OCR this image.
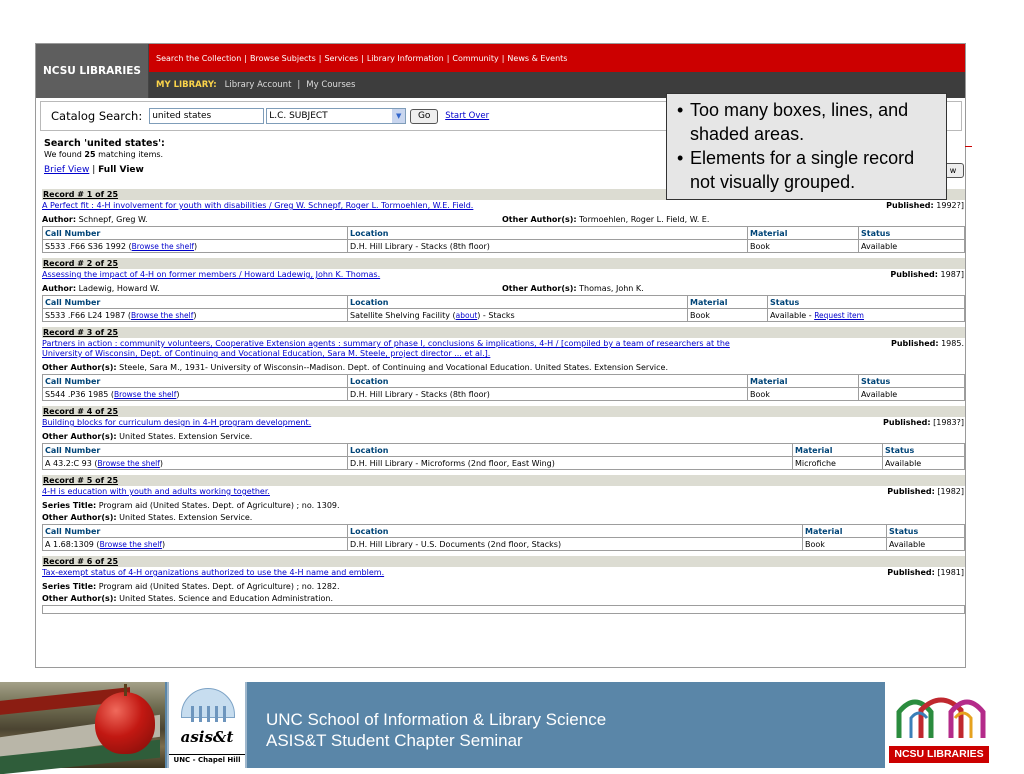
NCSU LIBRARIES
Search the Collection | Browse Subjects | Services | Library Information | Community | News & Events
MY LIBRARY: Library Account | My Courses
Catalog Search:
united states	L.C. SUBJECT	▼	Go	Start Over
Search 'united states':
We found 25 matching items.
Brief View | Full View	w
Record # 1 of 25
A Perfect fit : 4-H involvement for youth with disabilities / Greg W. Schnepf, Roger L. Tormoehlen, W.E. Field.	Published: 1992?]
Author: Schnepf, Greg W.	Other Author(s): Tormoehlen, Roger L. Field, W. E.
Call Number	Location	Material	Status
S533 .F66 S36 1992 (Browse the shelf)	D.H. Hill Library - Stacks (8th floor)	Book	Available
Record # 2 of 25
Assessing the impact of 4-H on former members / Howard Ladewig, John K. Thomas.	Published: 1987]
Author: Ladewig, Howard W.	Other Author(s): Thomas, John K.
Call Number	Location	Material	Status
S533 .F66 L24 1987 (Browse the shelf)	Satellite Shelving Facility (about) - Stacks	Book	Available - Request item
Record # 3 of 25
Partners in action : community volunteers, Cooperative Extension agents : summary of phase I, conclusions & implications, 4-H / [compiled by a team of researchers at the University of Wisconsin, Dept. of Continuing and Vocational Education, Sara M. Steele, project director ... et al.].
Published: 1985.
Other Author(s):
Steele, Sara M., 1931- University of Wisconsin--Madison. Dept. of Continuing and Vocational Education. United States. Extension Service.
Call Number	Location	Material	Status
S544 .P36 1985 (Browse the shelf)	D.H. Hill Library - Stacks (8th floor)	Book	Available
Record # 4 of 25
Building blocks for curriculum design in 4-H program development.	Published: [1983?]
Other Author(s):
United States. Extension Service.
Call Number	Location	Material	Status
A 43.2:C 93 (Browse the shelf)	D.H. Hill Library - Microforms (2nd floor, East Wing)	Microfiche	Available
Record # 5 of 25
4-H is education with youth and adults working together.	Published: [1982]
Series Title:
Program aid (United States. Dept. of Agriculture) ; no. 1309.
Other Author(s):
United States. Extension Service.
Call Number	Location	Material	Status
A 1.68:1309 (Browse the shelf)	D.H. Hill Library - U.S. Documents (2nd floor, Stacks)	Book	Available
Record # 6 of 25
Tax-exempt status of 4-H organizations authorized to use the 4-H name and emblem.	Published: [1981]
Series Title:
Program aid (United States. Dept. of Agriculture) ; no. 1282.
Other Author(s):
United States. Science and Education Administration.
• Too many boxes, lines, and shaded areas.
• Elements for a single record not visually grouped.
asis&t
UNC - Chapel Hill
UNC School of Information & Library Science
ASIS&T Student Chapter Seminar
NCSU LIBRARIES
